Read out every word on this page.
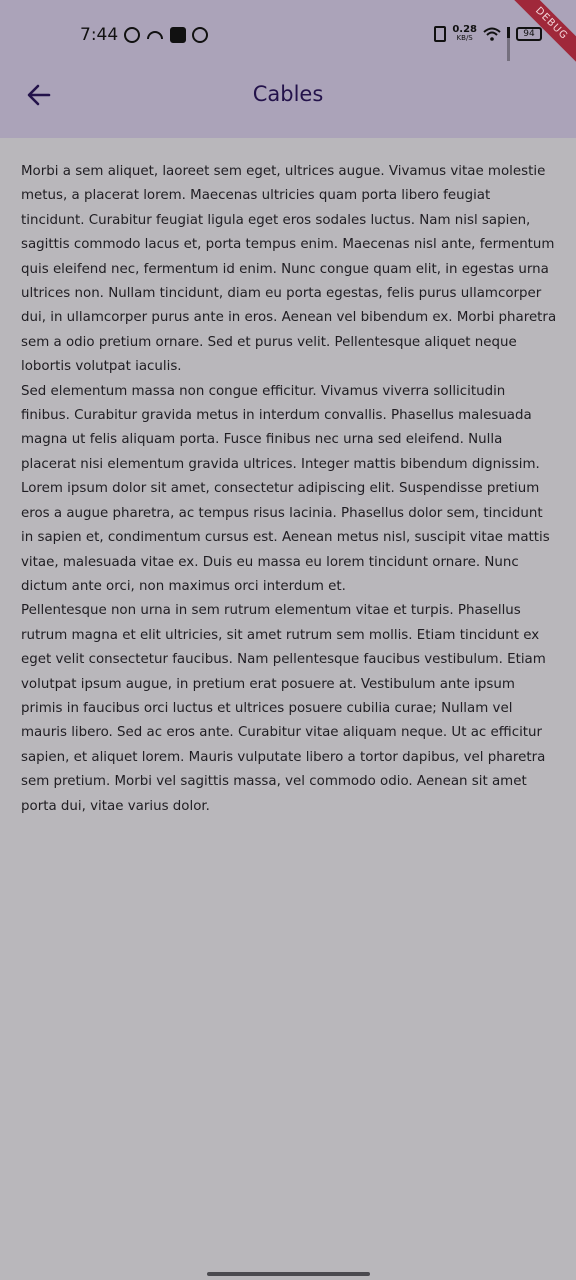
7:44	0.28
KB/S	94
DEBUG
Cables

Morbi a sem aliquet, laoreet sem eget, ultrices augue. Vivamus vitae molestie metus, a placerat lorem. Maecenas ultricies quam porta libero feugiat tincidunt. Curabitur feugiat ligula eget eros sodales luctus. Nam nisl sapien, sagittis commodo lacus et, porta tempus enim. Maecenas nisl ante, fermentum quis eleifend nec, fermentum id enim. Nunc congue quam elit, in egestas urna ultrices non. Nullam tincidunt, diam eu porta egestas, felis purus ullamcorper dui, in ullamcorper purus ante in eros. Aenean vel bibendum ex. Morbi pharetra sem a odio pretium ornare. Sed et purus velit. Pellentesque aliquet neque lobortis volutpat iaculis.

Sed elementum massa non congue efficitur. Vivamus viverra sollicitudin finibus. Curabitur gravida metus in interdum convallis. Phasellus malesuada magna ut felis aliquam porta. Fusce finibus nec urna sed eleifend. Nulla placerat nisi elementum gravida ultrices. Integer mattis bibendum dignissim. Lorem ipsum dolor sit amet, consectetur adipiscing elit. Suspendisse pretium eros a augue pharetra, ac tempus risus lacinia. Phasellus dolor sem, tincidunt in sapien et, condimentum cursus est. Aenean metus nisl, suscipit vitae mattis vitae, malesuada vitae ex. Duis eu massa eu lorem tincidunt ornare. Nunc dictum ante orci, non maximus orci interdum et.

Pellentesque non urna in sem rutrum elementum vitae et turpis. Phasellus rutrum magna et elit ultricies, sit amet rutrum sem mollis. Etiam tincidunt ex eget velit consectetur faucibus. Nam pellentesque faucibus vestibulum. Etiam volutpat ipsum augue, in pretium erat posuere at. Vestibulum ante ipsum primis in faucibus orci luctus et ultrices posuere cubilia curae; Nullam vel mauris libero. Sed ac eros ante. Curabitur vitae aliquam neque. Ut ac efficitur sapien, et aliquet lorem. Mauris vulputate libero a tortor dapibus, vel pharetra sem pretium. Morbi vel sagittis massa, vel commodo odio. Aenean sit amet porta dui, vitae varius dolor.
